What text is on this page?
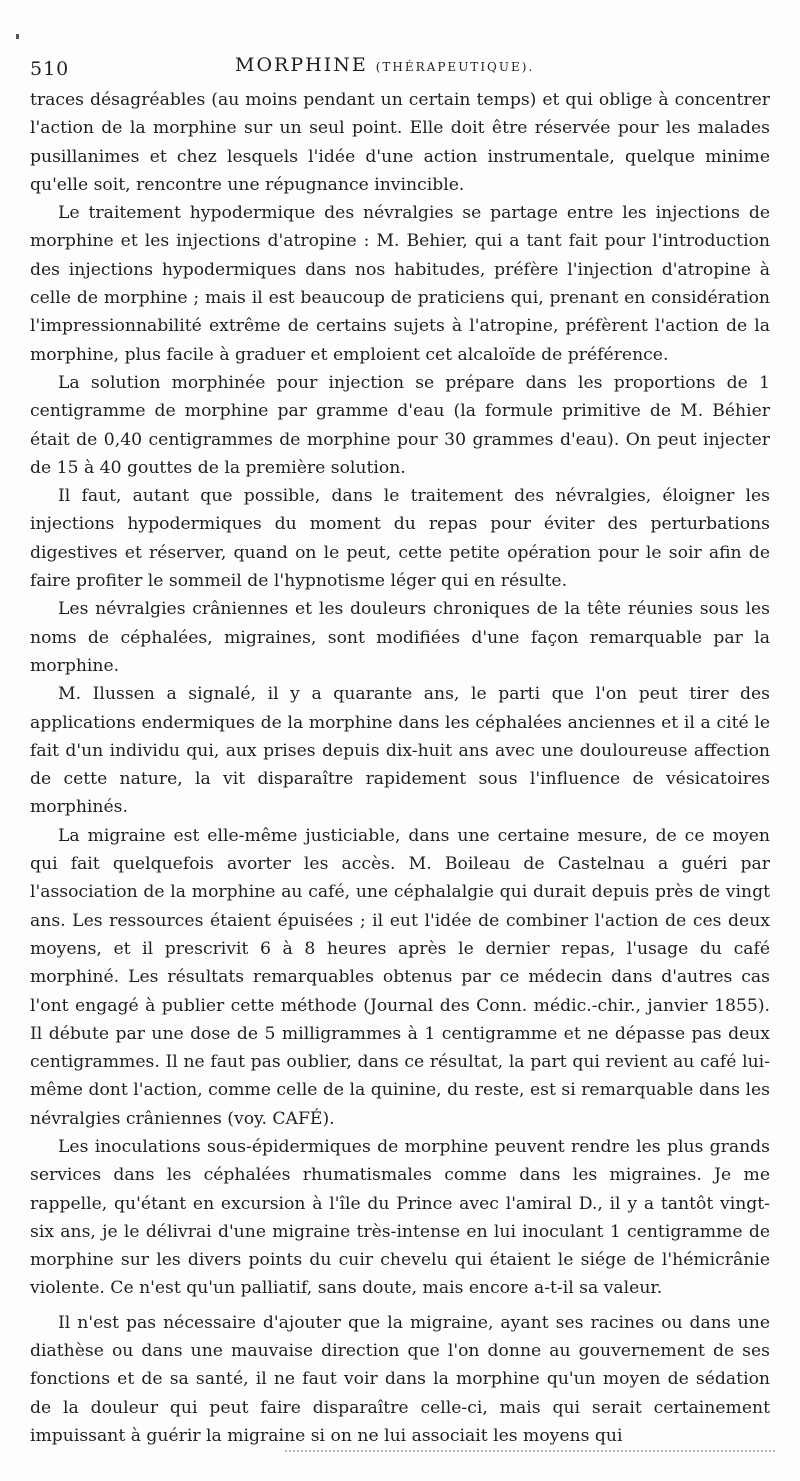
510	MORPHINE (THÉRAPEUTIQUE).

traces désagréables (au moins pendant un certain temps) et qui oblige à concentrer l'action de la morphine sur un seul point. Elle doit être réservée pour les malades pusillanimes et chez lesquels l'idée d'une action instrumentale, quelque minime qu'elle soit, rencontre une répugnance invincible.

Le traitement hypodermique des névralgies se partage entre les injections de morphine et les injections d'atropine : M. Behier, qui a tant fait pour l'introduction des injections hypodermiques dans nos habitudes, préfère l'injection d'atropine à celle de morphine ; mais il est beaucoup de praticiens qui, prenant en considération l'impressionnabilité extrême de certains sujets à l'atropine, préfèrent l'action de la morphine, plus facile à graduer et emploient cet alcaloïde de préférence.

La solution morphinée pour injection se prépare dans les proportions de 1 centigramme de morphine par gramme d'eau (la formule primitive de M. Béhier était de 0,40 centigrammes de morphine pour 30 grammes d'eau). On peut injecter de 15 à 40 gouttes de la première solution.

Il faut, autant que possible, dans le traitement des névralgies, éloigner les injections hypodermiques du moment du repas pour éviter des perturbations digestives et réserver, quand on le peut, cette petite opération pour le soir afin de faire profiter le sommeil de l'hypnotisme léger qui en résulte.

Les névralgies crâniennes et les douleurs chroniques de la tête réunies sous les noms de céphalées, migraines, sont modifiées d'une façon remarquable par la morphine.

M. Ilussen a signalé, il y a quarante ans, le parti que l'on peut tirer des applications endermiques de la morphine dans les céphalées anciennes et il a cité le fait d'un individu qui, aux prises depuis dix-huit ans avec une douloureuse affection de cette nature, la vit disparaître rapidement sous l'influence de vésicatoires morphinés.

La migraine est elle-même justiciable, dans une certaine mesure, de ce moyen qui fait quelquefois avorter les accès. M. Boileau de Castelnau a guéri par l'association de la morphine au café, une céphalalgie qui durait depuis près de vingt ans. Les ressources étaient épuisées ; il eut l'idée de combiner l'action de ces deux moyens, et il prescrivit 6 à 8 heures après le dernier repas, l'usage du café morphiné. Les résultats remarquables obtenus par ce médecin dans d'autres cas l'ont engagé à publier cette méthode (Journal des Conn. médic.-chir., janvier 1855). Il débute par une dose de 5 milligrammes à 1 centigramme et ne dépasse pas deux centigrammes. Il ne faut pas oublier, dans ce résultat, la part qui revient au café lui-même dont l'action, comme celle de la quinine, du reste, est si remarquable dans les névralgies crâniennes (voy. CAFÉ).

Les inoculations sous-épidermiques de morphine peuvent rendre les plus grands services dans les céphalées rhumatismales comme dans les migraines. Je me rappelle, qu'étant en excursion à l'île du Prince avec l'amiral D., il y a tantôt vingt-six ans, je le délivrai d'une migraine très-intense en lui inoculant 1 centigramme de morphine sur les divers points du cuir chevelu qui étaient le siége de l'hémicrânie violente. Ce n'est qu'un palliatif, sans doute, mais encore a-t-il sa valeur.

Il n'est pas nécessaire d'ajouter que la migraine, ayant ses racines ou dans une diathèse ou dans une mauvaise direction que l'on donne au gouvernement de ses fonctions et de sa santé, il ne faut voir dans la morphine qu'un moyen de sédation de la douleur qui peut faire disparaître celle-ci, mais qui serait certainement impuissant à guérir la migraine si on ne lui associait les moyens qui
